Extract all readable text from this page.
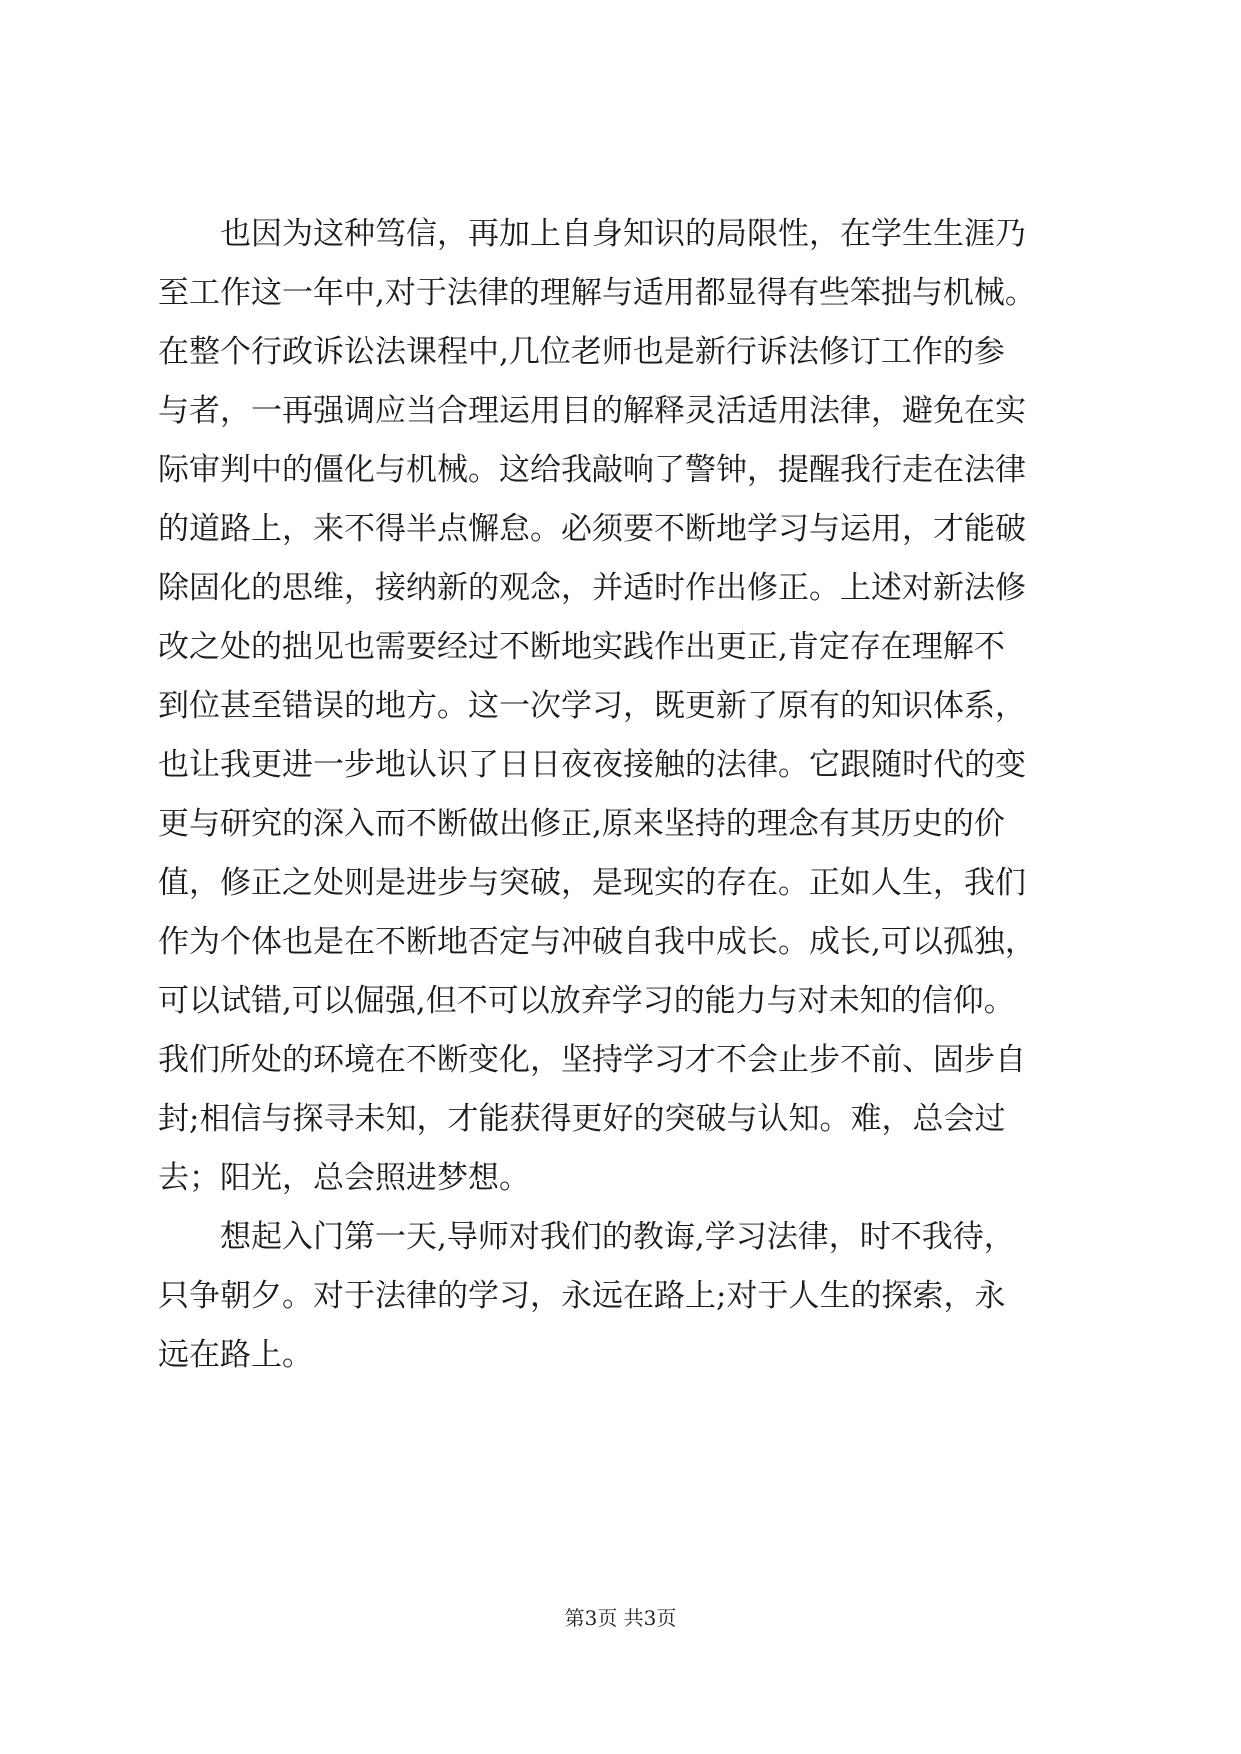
　　也因为这种笃信，再加上自身知识的局限性，在学生生涯乃
至工作这一年中,对于法律的理解与适用都显得有些笨拙与机械。
在整个行政诉讼法课程中,几位老师也是新行诉法修订工作的参
与者，一再强调应当合理运用目的解释灵活适用法律，避免在实
际审判中的僵化与机械。这给我敲响了警钟，提醒我行走在法律
的道路上，来不得半点懈怠。必须要不断地学习与运用，才能破
除固化的思维，接纳新的观念，并适时作出修正。上述对新法修
改之处的拙见也需要经过不断地实践作出更正,肯定存在理解不
到位甚至错误的地方。这一次学习，既更新了原有的知识体系，
也让我更进一步地认识了日日夜夜接触的法律。它跟随时代的变
更与研究的深入而不断做出修正,原来坚持的理念有其历史的价
值，修正之处则是进步与突破，是现实的存在。正如人生，我们
作为个体也是在不断地否定与冲破自我中成长。成长,可以孤独，
可以试错,可以倔强,但不可以放弃学习的能力与对未知的信仰。
我们所处的环境在不断变化，坚持学习才不会止步不前、固步自
封;相信与探寻未知，才能获得更好的突破与认知。难，总会过
去；阳光，总会照进梦想。
　　想起入门第一天,导师对我们的教诲,学习法律，时不我待，
只争朝夕。对于法律的学习，永远在路上;对于人生的探索，永
远在路上。
第3页 共3页
